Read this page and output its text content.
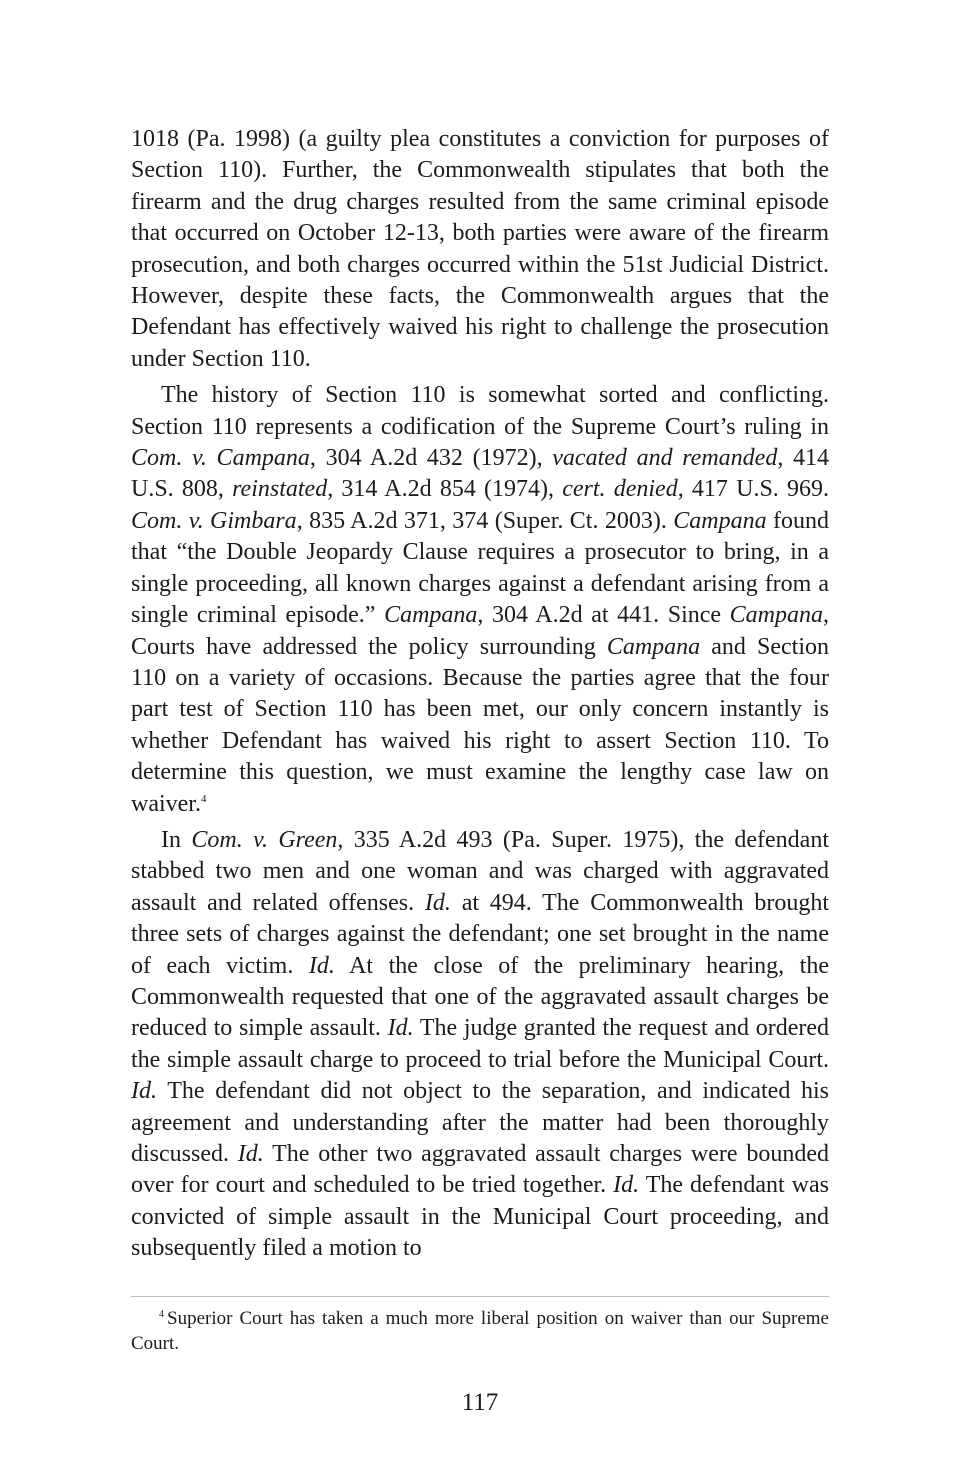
1018 (Pa. 1998) (a guilty plea constitutes a conviction for purposes of Section 110). Further, the Commonwealth stipulates that both the firearm and the drug charges resulted from the same criminal episode that occurred on October 12-13, both parties were aware of the firearm prosecution, and both charges occurred within the 51st Judicial District. However, despite these facts, the Commonwealth argues that the Defendant has effectively waived his right to challenge the prosecution under Section 110.

The history of Section 110 is somewhat sorted and conflicting. Section 110 represents a codification of the Supreme Court’s ruling in Com. v. Campana, 304 A.2d 432 (1972), vacated and remanded, 414 U.S. 808, reinstated, 314 A.2d 854 (1974), cert. denied, 417 U.S. 969. Com. v. Gimbara, 835 A.2d 371, 374 (Super. Ct. 2003). Campana found that “the Double Jeopardy Clause requires a prosecutor to bring, in a single proceeding, all known charges against a defendant arising from a single criminal episode.” Campana, 304 A.2d at 441. Since Campana, Courts have addressed the policy surrounding Campana and Section 110 on a variety of occasions. Because the parties agree that the four part test of Section 110 has been met, our only concern instantly is whether Defendant has waived his right to assert Section 110. To determine this question, we must examine the lengthy case law on waiver.$^4$

In Com. v. Green, 335 A.2d 493 (Pa. Super. 1975), the defendant stabbed two men and one woman and was charged with aggravated assault and related offenses. Id. at 494. The Commonwealth brought three sets of charges against the defendant; one set brought in the name of each victim. Id. At the close of the preliminary hearing, the Commonwealth requested that one of the aggravated assault charges be reduced to simple assault. Id. The judge granted the request and ordered the simple assault charge to proceed to trial before the Municipal Court. Id. The defendant did not object to the separation, and indicated his agreement and understanding after the matter had been thoroughly discussed. Id. The other two aggravated assault charges were bounded over for court and scheduled to be tried together. Id. The defendant was convicted of simple assault in the Municipal Court proceeding, and subsequently filed a motion to

$^4$ Superior Court has taken a much more liberal position on waiver than our Supreme Court.

117
